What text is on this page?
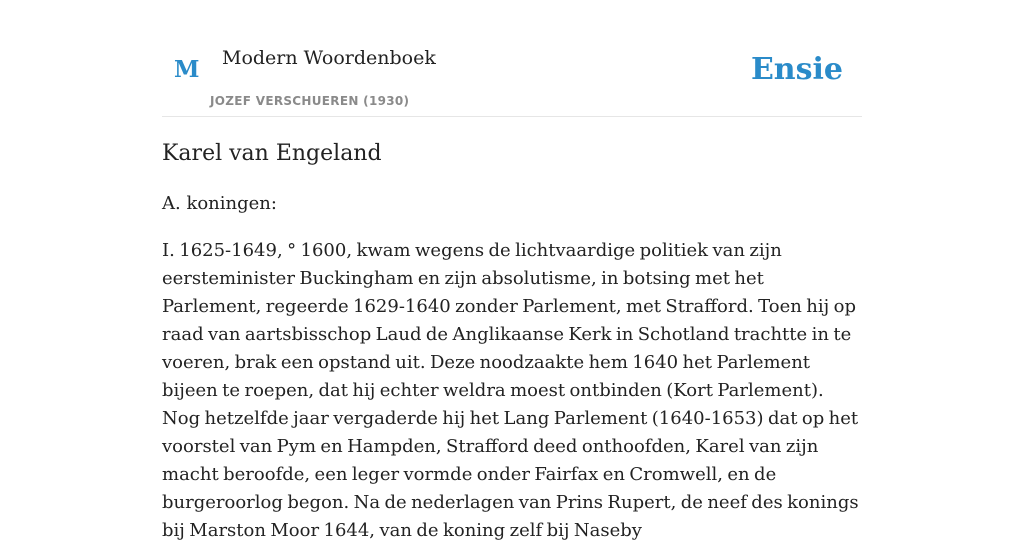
M Modern Woordenboek
JOZEF VERSCHUEREN (1930)
Ensie
Karel van Engeland

A. koningen:

I. 1625-1649, ° 1600, kwam wegens de lichtvaardige politiek van zijn eersteminister Buckingham en zijn absolutisme, in botsing met het Parlement, regeerde 1629-1640 zonder Parlement, met Strafford. Toen hij op raad van aartsbisschop Laud de Anglikaanse Kerk in Schotland trachtte in te voeren, brak een opstand uit. Deze noodzaakte hem 1640 het Parlement bijeen te roepen, dat hij echter weldra moest ontbinden (Kort Parlement). Nog hetzelfde jaar vergaderde hij het Lang Parlement (1640-1653) dat op het voorstel van Pym en Hampden, Strafford deed onthoofden, Karel van zijn macht beroofde, een leger vormde onder Fairfax en Cromwell, en de burgeroorlog begon. Na de nederlagen van Prins Rupert, de neef des konings bij Marston Moor 1644, van de koning zelf bij Naseby
